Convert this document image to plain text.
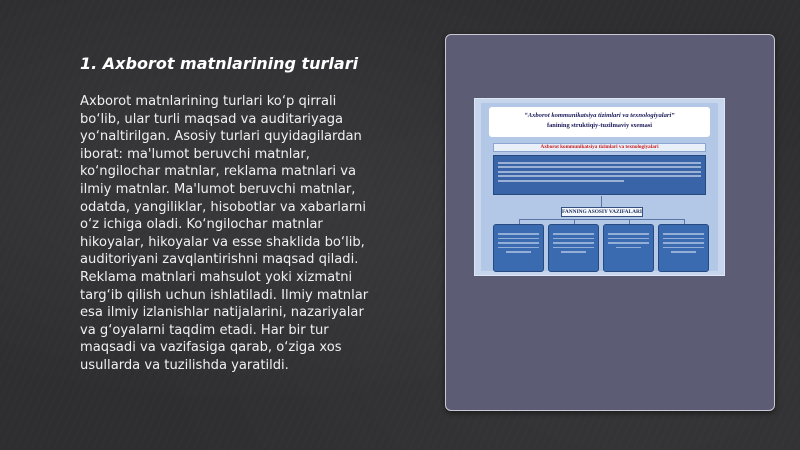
1. Axborot matnlarining turlari
Axborot matnlarining turlari ko‘p qirrali
bo‘lib, ular turli maqsad va auditariyaga
yo‘naltirilgan. Asosiy turlari quyidagilardan
iborat: ma'lumot beruvchi matnlar,
ko‘ngilochar matnlar, reklama matnlari va
ilmiy matnlar. Ma'lumot beruvchi matnlar,
odatda, yangiliklar, hisobotlar va xabarlarni
o‘z ichiga oladi. Ko‘ngilochar matnlar
hikoyalar, hikoyalar va esse shaklida bo‘lib,
auditoriyani zavqlantirishni maqsad qiladi.
Reklama matnlari mahsulot yoki xizmatni
targ‘ib qilish uchun ishlatiladi. Ilmiy matnlar
esa ilmiy izlanishlar natijalarini, nazariyalar
va g‘oyalarni taqdim etadi. Har bir tur
maqsadi va vazifasiga qarab, o‘ziga xos
usullarda va tuzilishda yaratildi.
“Axborot kommunikatsiya tizimlari va texnologiyalari”
fanining struktiqiy-tuzilmaviy sxemasi
Axborot kommunikatsiya tizimlari va texnologiyalari
FANNING ASOSIY VAZIFALARI
